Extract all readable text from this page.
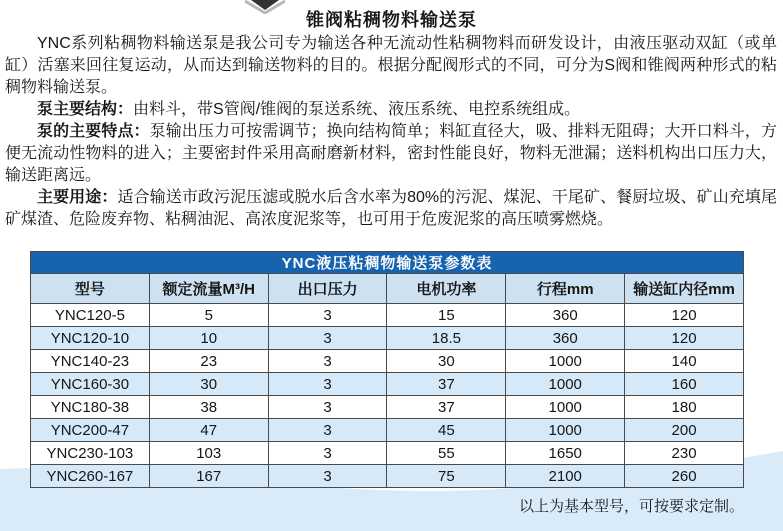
锥阀粘稠物料输送泵

YNC系列粘稠物料输送泵是我公司专为输送各种无流动性粘稠物料而研发设计，由液压驱动双缸（或单缸）活塞来回往复运动，从而达到输送物料的目的。根据分配阀形式的不同，可分为S阀和锥阀两种形式的粘稠物料输送泵。

泵主要结构：由料斗，带S管阀/锥阀的泵送系统、液压系统、电控系统组成。

泵的主要特点：泵输出压力可按需调节；换向结构简单；料缸直径大，吸、排料无阻碍；大开口料斗，方便无流动性物料的进入；主要密封件采用高耐磨新材料，密封性能良好，物料无泄漏；送料机构出口压力大，输送距离远。

主要用途：适合输送市政污泥压滤或脱水后含水率为80%的污泥、煤泥、干尾矿、餐厨垃圾、矿山充填尾矿煤渣、危险废弃物、粘稠油泥、高浓度泥浆等，也可用于危废泥浆的高压喷雾燃烧。

YNC液压粘稠物输送泵参数表					
型号	额定流量M³/H	出口压力	电机功率	行程mm	输送缸内径mm
YNC120-5	5	3	15	360	120
YNC120-10	10	3	18.5	360	120
YNC140-23	23	3	30	1000	140
YNC160-30	30	3	37	1000	160
YNC180-38	38	3	37	1000	180
YNC200-47	47	3	45	1000	200
YNC230-103	103	3	55	1650	230
YNC260-167	167	3	75	2100	260
以上为基本型号，可按要求定制。
